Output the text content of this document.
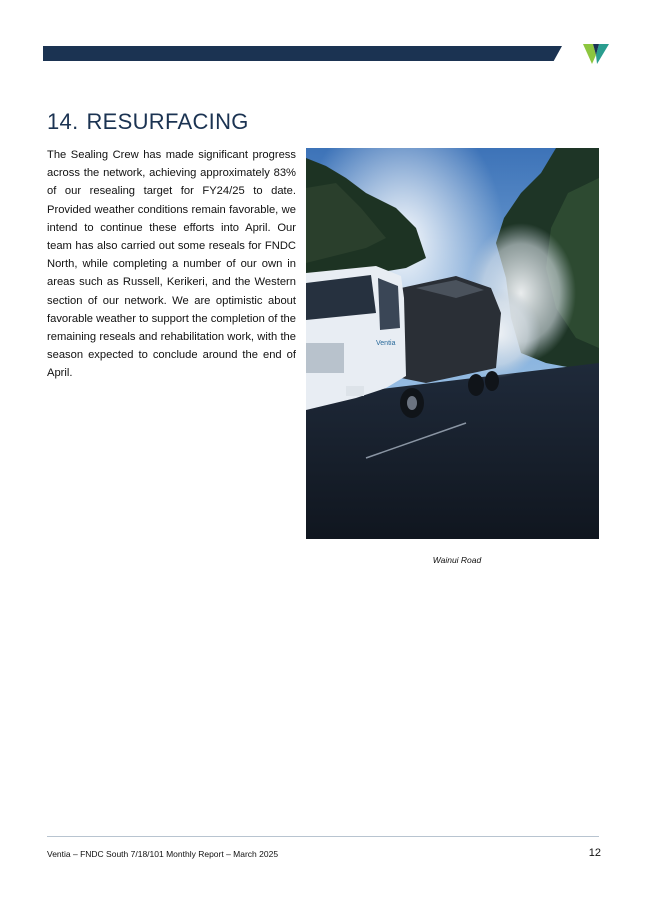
14. RESURFACING

The Sealing Crew has made significant progress across the network, achieving approximately 83% of our resealing target for FY24/25 to date. Provided weather conditions remain favorable, we intend to continue these efforts into April. Our team has also carried out some reseals for FNDC North, while completing a number of our own in areas such as Russell, Kerikeri, and the Western section of our network. We are optimistic about favorable weather to support the completion of the remaining reseals and rehabilitation work, with the season expected to conclude around the end of April.

Ventia

Wainui Road

Ventia – FNDC South 7/18/101 Monthly Report – March 2025	12
